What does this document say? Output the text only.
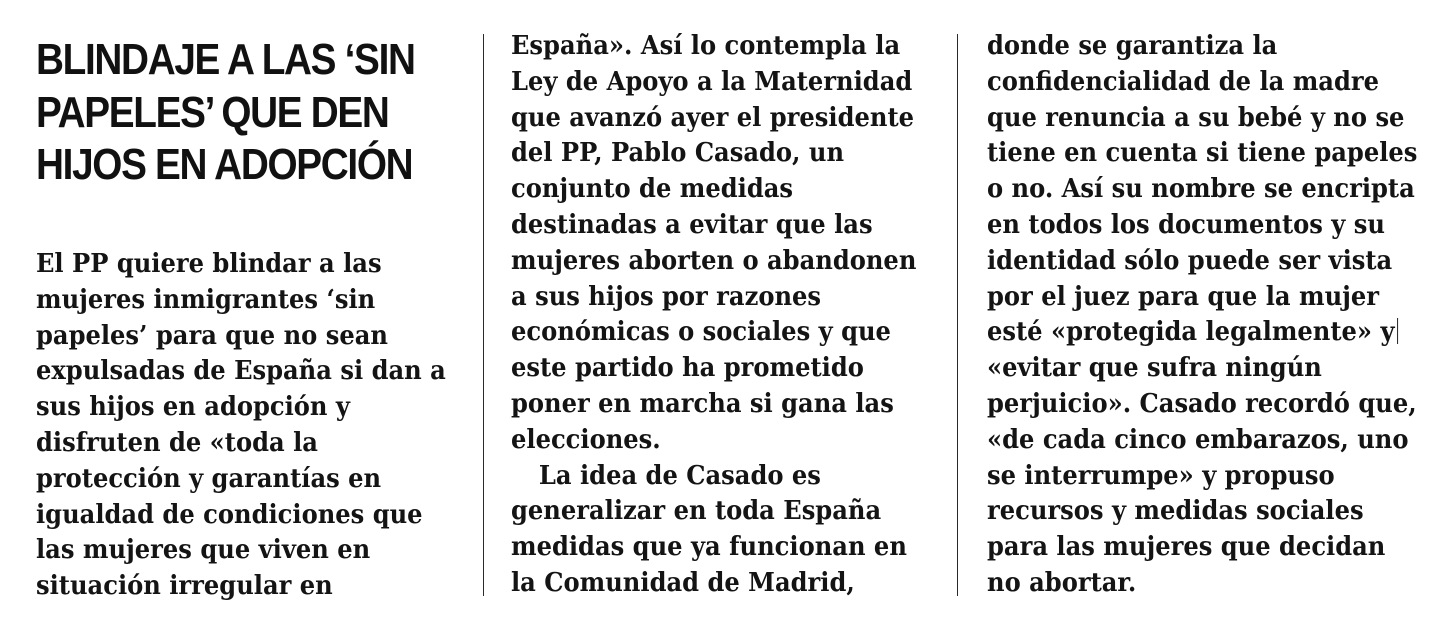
BLINDAJE A LAS ‘SIN
PAPELES’ QUE DEN
HIJOS EN ADOPCIÓN
El PP quiere blindar a las
mujeres inmigrantes ‘sin
papeles’ para que no sean
expulsadas de España si dan a
sus hijos en adopción y
disfruten de «toda la
protección y garantías en
igualdad de condiciones que
las mujeres que viven en
situación irregular en
España». Así lo contempla la
Ley de Apoyo a la Maternidad
que avanzó ayer el presidente
del PP, Pablo Casado, un
conjunto de medidas
destinadas a evitar que las
mujeres aborten o abandonen
a sus hijos por razones
económicas o sociales y que
este partido ha prometido
poner en marcha si gana las
elecciones.
La idea de Casado es
generalizar en toda España
medidas que ya funcionan en
la Comunidad de Madrid,
donde se garantiza la
confidencialidad de la madre
que renuncia a su bebé y no se
tiene en cuenta si tiene papeles
o no. Así su nombre se encripta
en todos los documentos y su
identidad sólo puede ser vista
por el juez para que la mujer
esté «protegida legalmente» y
«evitar que sufra ningún
perjuicio». Casado recordó que,
«de cada cinco embarazos, uno
se interrumpe» y propuso
recursos y medidas sociales
para las mujeres que decidan
no abortar.
